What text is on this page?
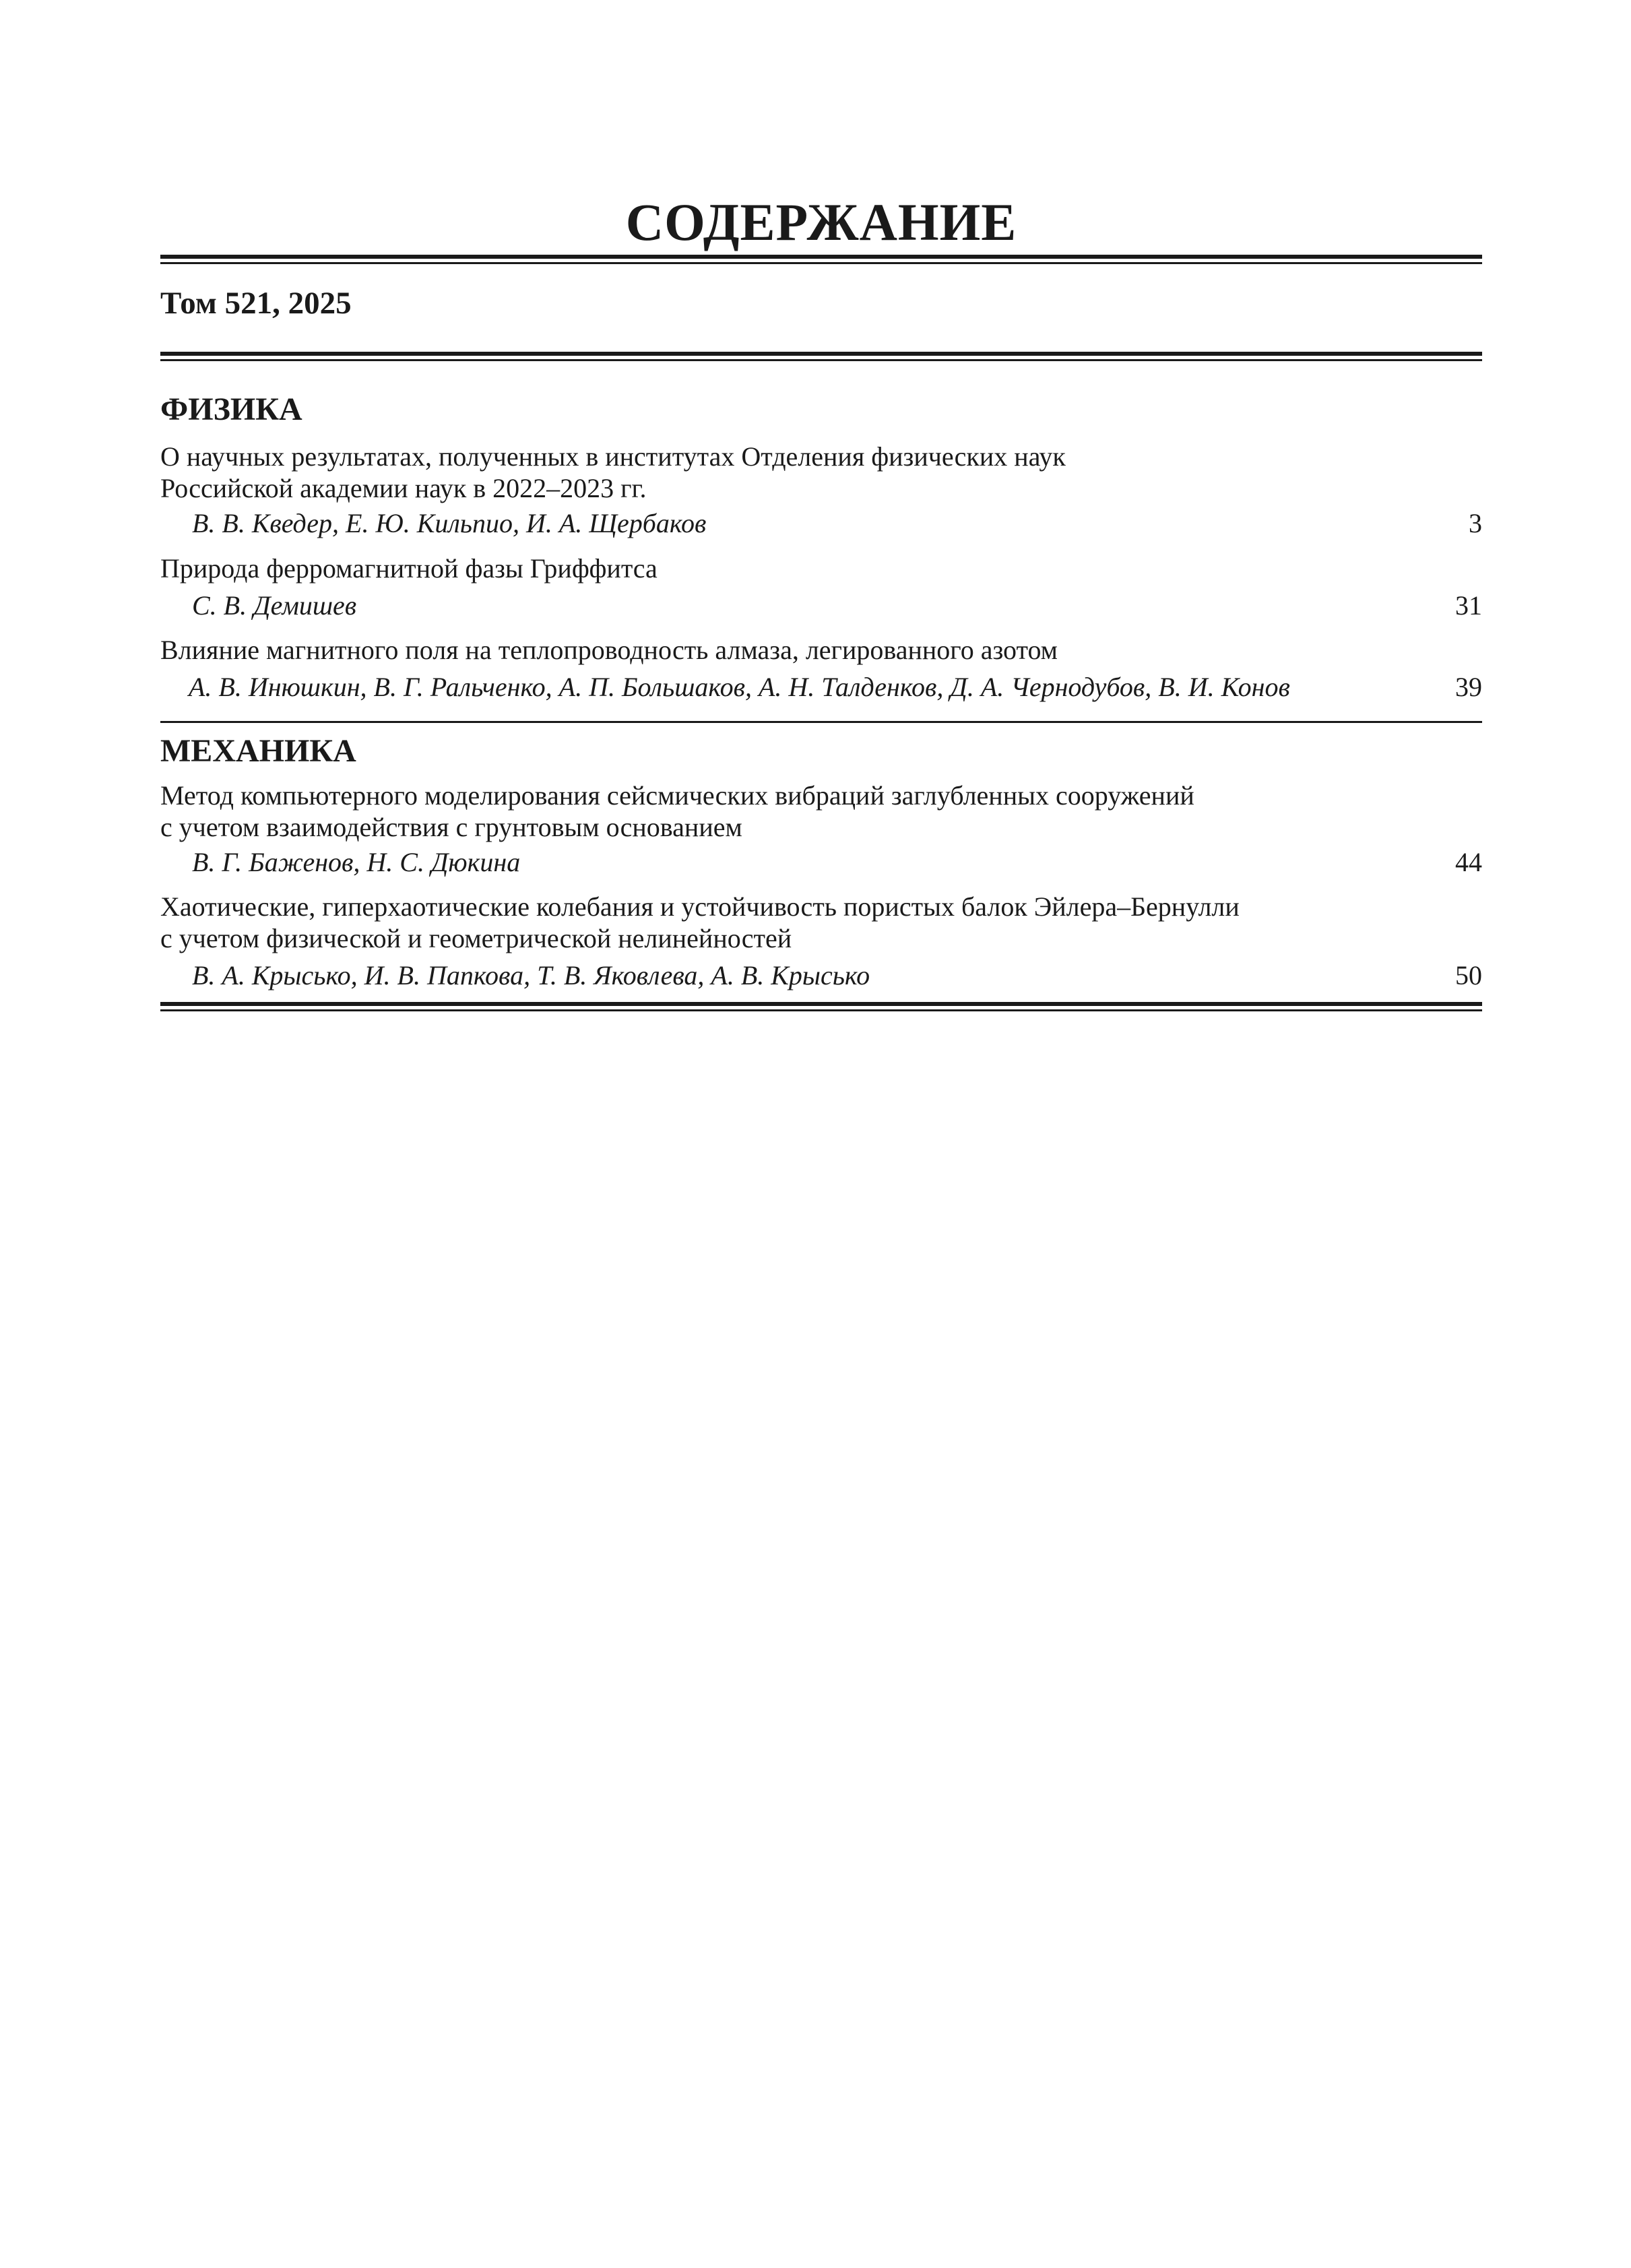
СОДЕРЖАНИЕ
Том 521, 2025
ФИЗИКА
О научных результатах, полученных в институтах Отделения физических наук
Российской академии наук в 2022–2023 гг.
В. В. Кведер, Е. Ю. Кильпио, И. А. Щербаков	3
Природа ферромагнитной фазы Гриффитса
С. В. Демишев	31
Влияние магнитного поля на теплопроводность алмаза, легированного азотом
А. В. Инюшкин, В. Г. Ральченко, А. П. Большаков, А. Н. Талденков, Д. А. Чернодубов, В. И. Конов	39
МЕХАНИКА
Метод компьютерного моделирования сейсмических вибраций заглубленных сооружений
с учетом взаимодействия с грунтовым основанием
В. Г. Баженов, Н. С. Дюкина	44
Хаотические, гиперхаотические колебания и устойчивость пористых балок Эйлера–Бернулли
с учетом физической и геометрической нелинейностей
В. А. Крысько, И. В. Папкова, Т. В. Яковлева, А. В. Крысько	50
